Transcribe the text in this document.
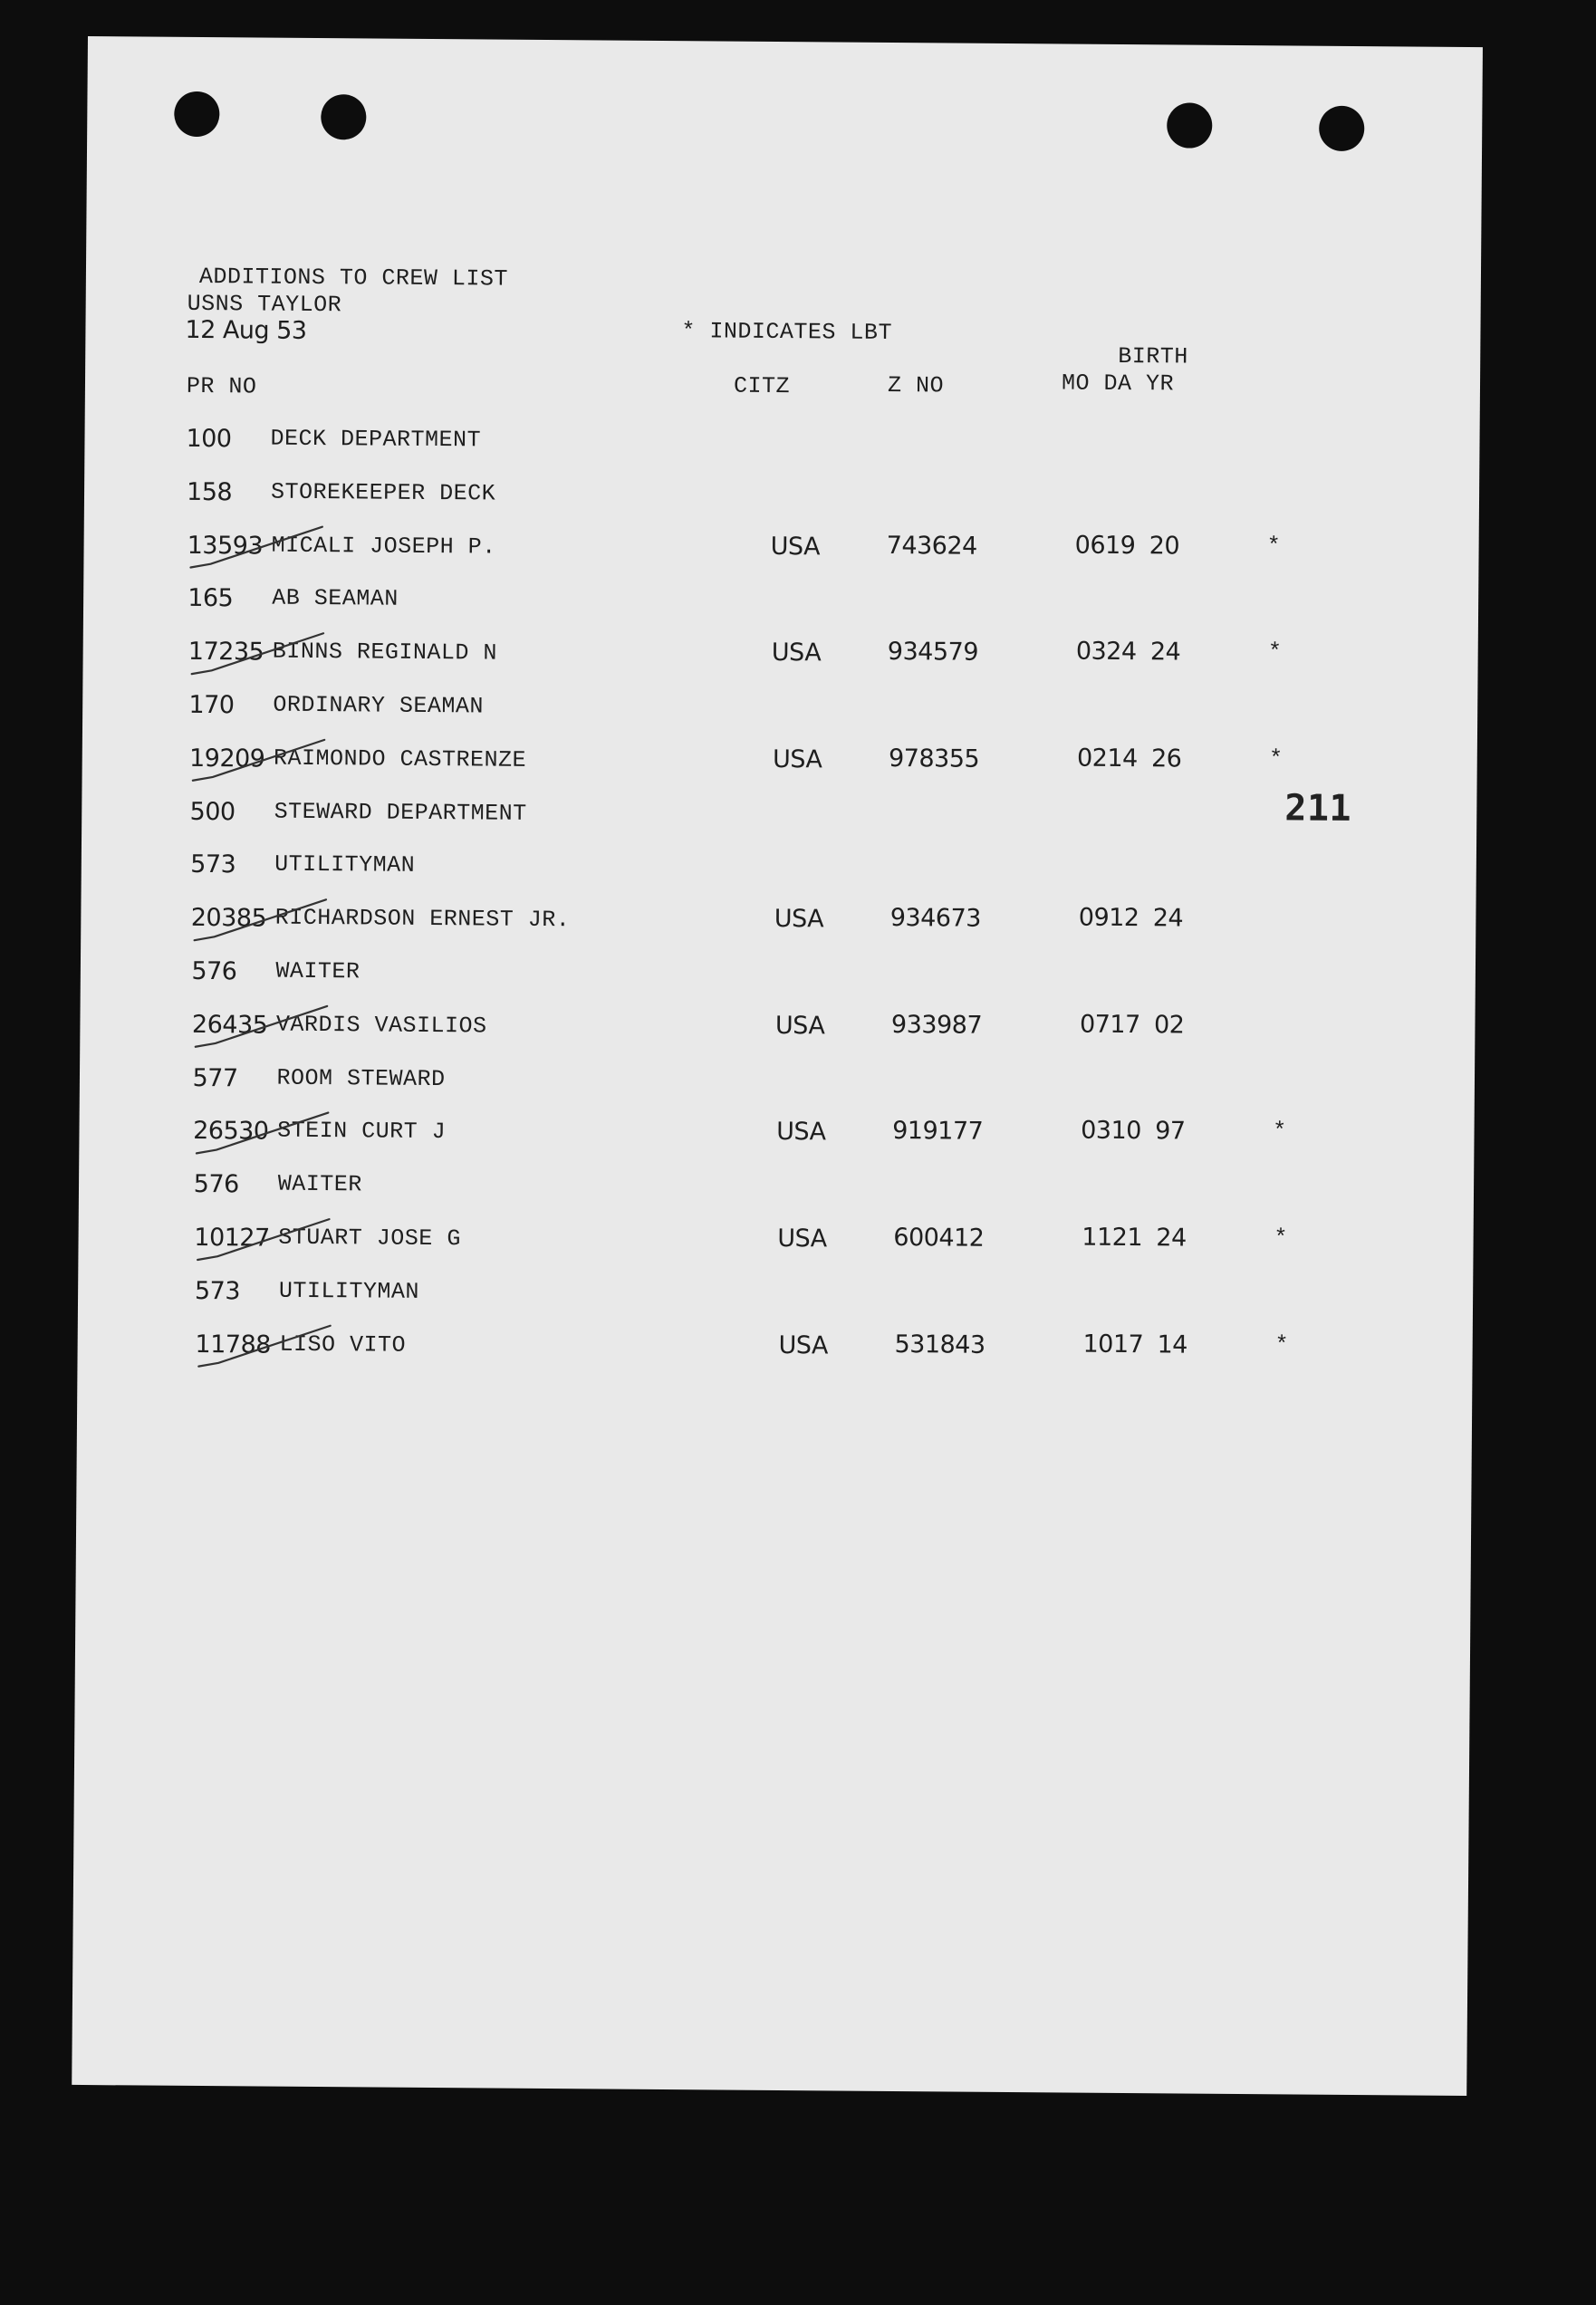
ADDITIONS TO CREW LIST
USNS TAYLOR
12 Aug 53	* INDICATES LBT
BIRTH
PR NO	CITZ	Z NO	MO DA YR
211
100 DECK DEPARTMENT
158 STOREKEEPER DECK
13593 MICALI JOSEPH P.	USA	743624	0619 20	*
165 AB SEAMAN
17235 BINNS REGINALD N	USA	934579	0324 24	*
170 ORDINARY SEAMAN
19209 RAIMONDO CASTRENZE	USA	978355	0214 26	*
500 STEWARD DEPARTMENT
573 UTILITYMAN
20385 RICHARDSON ERNEST JR.	USA	934673	0912 24
576 WAITER
26435 VARDIS VASILIOS	USA	933987	0717 02
577 ROOM STEWARD
26530 STEIN CURT J	USA	919177	0310 97	*
576 WAITER
10127 STUART JOSE G	USA	600412	1121 24	*
573 UTILITYMAN
11788 LISO VITO	USA	531843	1017 14	*
